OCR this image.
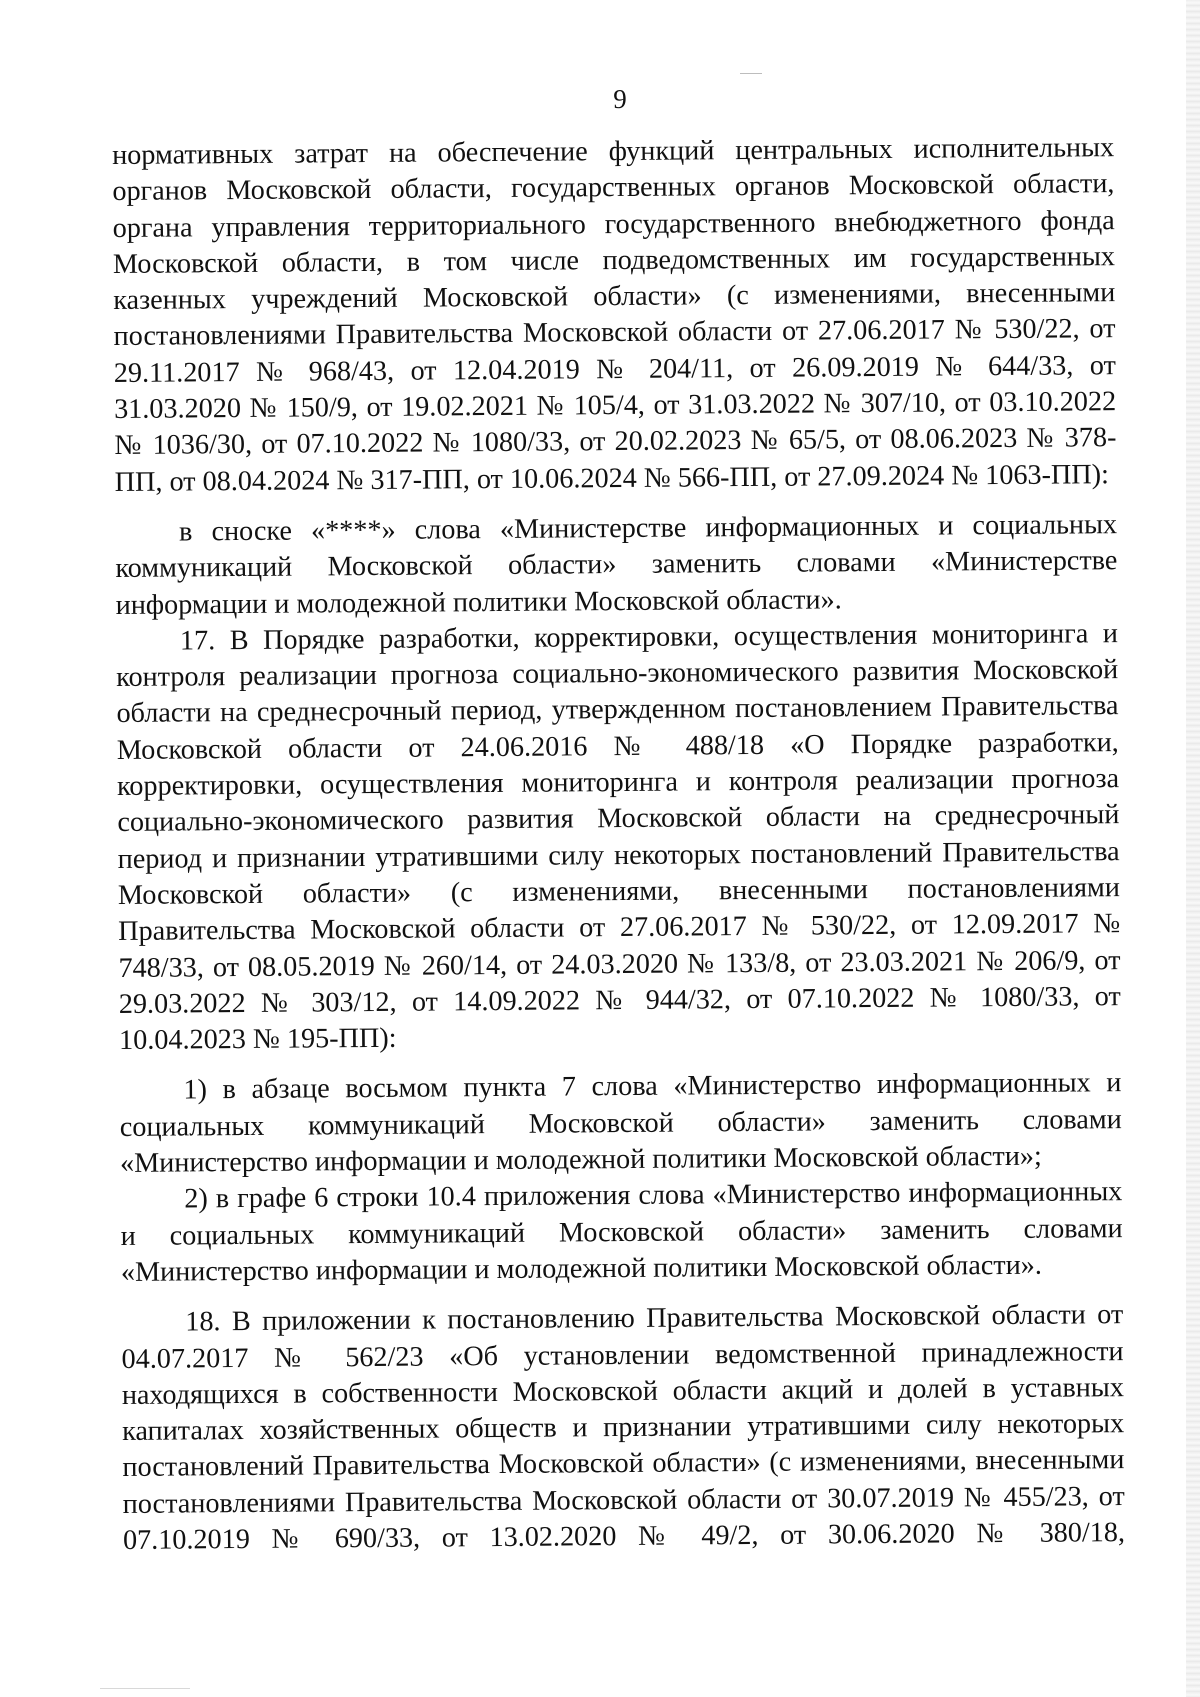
9

нормативных затрат на обеспечение функций центральных исполнительных органов Московской области, государственных органов Московской области, органа управления территориального государственного внебюджетного фонда Московской области, в том числе подведомственных им государственных казенных учреждений Московской области» (с изменениями, внесенными постановлениями Правительства Московской области от 27.06.2017 № 530/22, от 29.11.2017 № 968/43, от 12.04.2019 № 204/11, от 26.09.2019 № 644/33, от 31.03.2020 № 150/9, от 19.02.2021 № 105/4, от 31.03.2022 № 307/10, от 03.10.2022 № 1036/30, от 07.10.2022 № 1080/33, от 20.02.2023 № 65/5, от 08.06.2023 № 378-ПП, от 08.04.2024 № 317-ПП, от 10.06.2024 № 566-ПП, от 27.09.2024 № 1063-ПП):

в сноске «****» слова «Министерстве информационных и социальных коммуникаций Московской области» заменить словами «Министерстве информации и молодежной политики Московской области».

17. В Порядке разработки, корректировки, осуществления мониторинга и контроля реализации прогноза социально-экономического развития Московской области на среднесрочный период, утвержденном постановлением Правительства Московской области от 24.06.2016 № 488/18 «О Порядке разработки, корректировки, осуществления мониторинга и контроля реализации прогноза социально-экономического развития Московской области на среднесрочный период и признании утратившими силу некоторых постановлений Правительства Московской области» (с изменениями, внесенными постановлениями Правительства Московской области от 27.06.2017 № 530/22, от 12.09.2017 № 748/33, от 08.05.2019 № 260/14, от 24.03.2020 № 133/8, от 23.03.2021 № 206/9, от 29.03.2022 № 303/12, от 14.09.2022 № 944/32, от 07.10.2022 № 1080/33, от 10.04.2023 № 195-ПП):

1) в абзаце восьмом пункта 7 слова «Министерство информационных и социальных коммуникаций Московской области» заменить словами «Министерство информации и молодежной политики Московской области»;

2) в графе 6 строки 10.4 приложения слова «Министерство информационных и социальных коммуникаций Московской области» заменить словами «Министерство информации и молодежной политики Московской области».

18. В приложении к постановлению Правительства Московской области от 04.07.2017 № 562/23 «Об установлении ведомственной принадлежности находящихся в собственности Московской области акций и долей в уставных капиталах хозяйственных обществ и признании утратившими силу некоторых постановлений Правительства Московской области» (с изменениями, внесенными постановлениями Правительства Московской области от 30.07.2019 № 455/23, от 07.10.2019 № 690/33, от 13.02.2020 № 49/2, от 30.06.2020 № 380/18,
